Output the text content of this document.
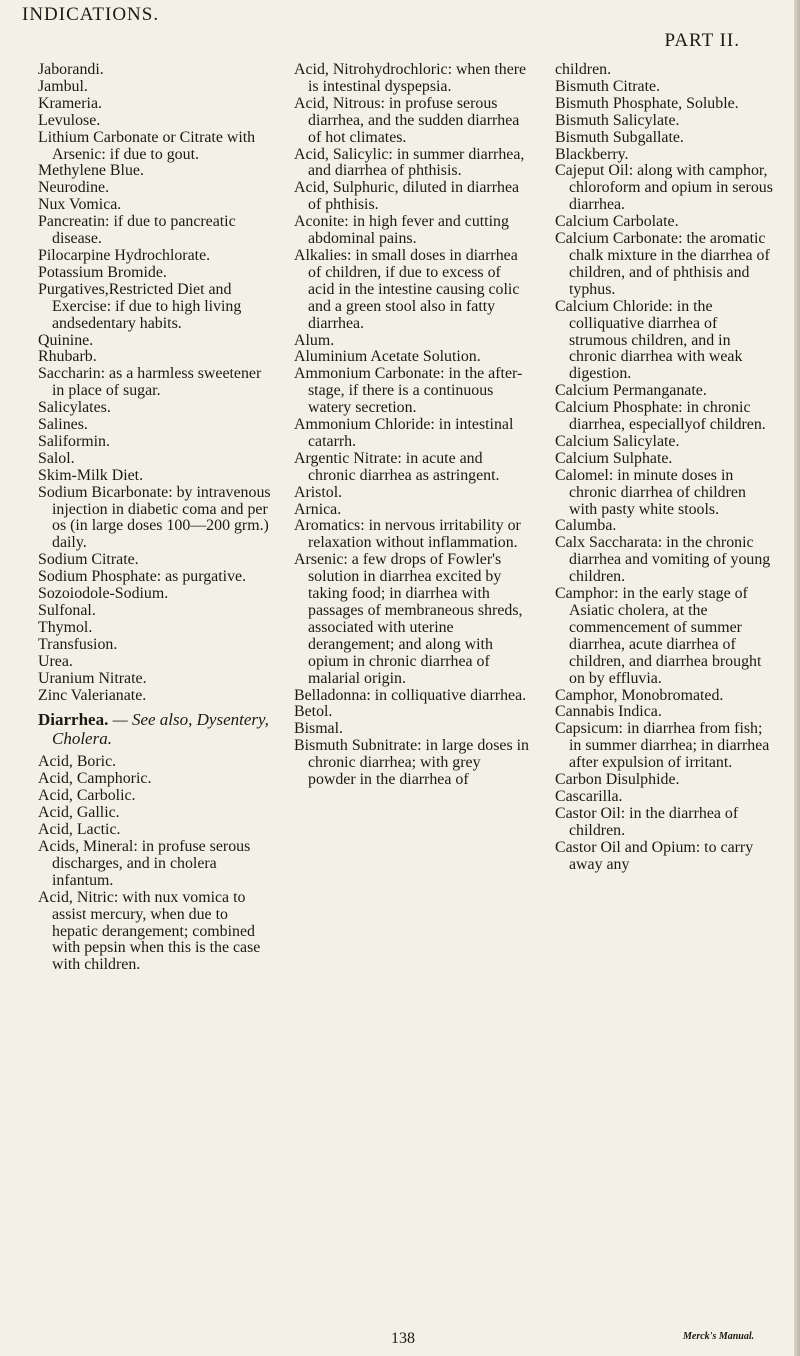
INDICATIONS.
PART II.

Jaborandi.

Jambul.

Krameria.

Levulose.

Lithium Carbonate or Citrate with Arsenic: if due to gout.

Methylene Blue.

Neurodine.

Nux Vomica.

Pancreatin: if due to pancreatic disease.

Pilocarpine Hydrochlorate.

Potassium Bromide.

Purgatives,Restricted Diet and Exercise: if due to high living andsedentary habits.

Quinine.

Rhubarb.

Saccharin: as a harmless sweetener in place of sugar.

Salicylates.

Salines.

Saliformin.

Salol.

Skim-Milk Diet.

Sodium Bicarbonate: by intravenous injection in diabetic coma and per os (in large doses 100—200 grm.) daily.

Sodium Citrate.

Sodium Phosphate: as purgative.

Sozoiodole-Sodium.

Sulfonal.

Thymol.

Transfusion.

Urea.

Uranium Nitrate.

Zinc Valerianate.

Diarrhea. — See also, Dysentery, Cholera.

Acid, Boric.

Acid, Camphoric.

Acid, Carbolic.

Acid, Gallic.

Acid, Lactic.

Acids, Mineral: in profuse serous discharges, and in cholera infantum.

Acid, Nitric: with nux vomica to assist mercury, when due to hepatic derangement; combined with pepsin when this is the case with children.

Acid, Nitrohydrochloric: when there is intestinal dyspepsia.

Acid, Nitrous: in profuse serous diarrhea, and the sudden diarrhea of hot climates.

Acid, Salicylic: in summer diarrhea, and diarrhea of phthisis.

Acid, Sulphuric, diluted in diarrhea of phthisis.

Aconite: in high fever and cutting abdominal pains.

Alkalies: in small doses in diarrhea of children, if due to excess of acid in the intestine causing colic and a green stool also in fatty diarrhea.

Alum.

Aluminium Acetate Solution.

Ammonium Carbonate: in the after-stage, if there is a continuous watery secretion.

Ammonium Chloride: in intestinal catarrh.

Argentic Nitrate: in acute and chronic diarrhea as astringent.

Aristol.

Arnica.

Aromatics: in nervous irritability or relaxation without inflammation.

Arsenic: a few drops of Fowler's solution in diarrhea excited by taking food; in diarrhea with passages of membraneous shreds, associated with uterine derangement; and along with opium in chronic diarrhea of malarial origin.

Belladonna: in colliquative diarrhea.

Betol.

Bismal.

Bismuth Subnitrate: in large doses in chronic diarrhea; with grey powder in the diarrhea of

children.

Bismuth Citrate.

Bismuth Phosphate, Soluble.

Bismuth Salicylate.

Bismuth Subgallate.

Blackberry.

Cajeput Oil: along with camphor, chloroform and opium in serous diarrhea.

Calcium Carbolate.

Calcium Carbonate: the aromatic chalk mixture in the diarrhea of children, and of phthisis and typhus.

Calcium Chloride: in the colliquative diarrhea of strumous children, and in chronic diarrhea with weak digestion.

Calcium Permanganate.

Calcium Phosphate: in chronic diarrhea, especiallyof children.

Calcium Salicylate.

Calcium Sulphate.

Calomel: in minute doses in chronic diarrhea of children with pasty white stools.

Calumba.

Calx Saccharata: in the chronic diarrhea and vomiting of young children.

Camphor: in the early stage of Asiatic cholera, at the commencement of summer diarrhea, acute diarrhea of children, and diarrhea brought on by effluvia.

Camphor, Monobromated.

Cannabis Indica.

Capsicum: in diarrhea from fish; in summer diarrhea; in diarrhea after expulsion of irritant.

Carbon Disulphide.

Cascarilla.

Castor Oil: in the diarrhea of children.

Castor Oil and Opium: to carry away any

138	Merck's Manual.
